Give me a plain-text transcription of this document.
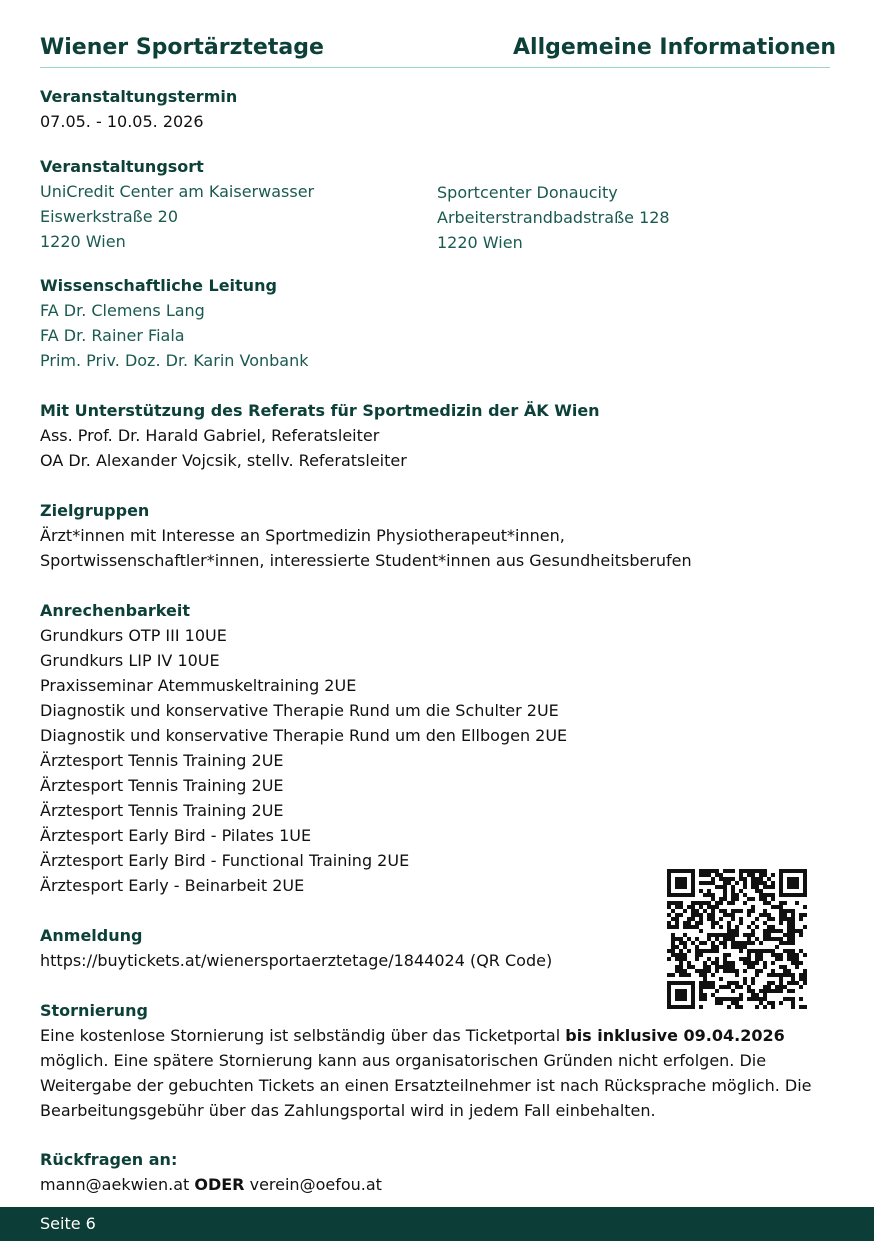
Wiener Sportärztetage	Allgemeine Informationen
Veranstaltungstermin
07.05. - 10.05. 2026
Veranstaltungsort
UniCredit Center am Kaiserwasser
Eiswerkstraße 20
1220 Wien
Sportcenter Donaucity
Arbeiterstrandbadstraße 128
1220 Wien
Wissenschaftliche Leitung
FA Dr. Clemens Lang
FA Dr. Rainer Fiala
Prim. Priv. Doz. Dr. Karin Vonbank
Mit Unterstützung des Referats für Sportmedizin der ÄK Wien
Ass. Prof. Dr. Harald Gabriel, Referatsleiter
OA Dr. Alexander Vojcsik, stellv. Referatsleiter
Zielgruppen
Ärzt*innen mit Interesse an Sportmedizin Physiotherapeut*innen,
Sportwissenschaftler*innen, interessierte Student*innen aus Gesundheitsberufen
Anrechenbarkeit
Grundkurs OTP III 10UE
Grundkurs LIP IV 10UE
Praxisseminar Atemmuskeltraining 2UE
Diagnostik und konservative Therapie Rund um die Schulter 2UE
Diagnostik und konservative Therapie Rund um den Ellbogen 2UE
Ärztesport Tennis Training 2UE
Ärztesport Tennis Training 2UE
Ärztesport Tennis Training 2UE
Ärztesport Early Bird - Pilates 1UE
Ärztesport Early Bird - Functional Training 2UE
Ärztesport Early - Beinarbeit 2UE
Anmeldung
https://buytickets.at/wienersportaerztetage/1844024 (QR Code)
Stornierung
Eine kostenlose Stornierung ist selbständig über das Ticketportal bis inklusive 09.04.2026 möglich. Eine spätere Stornierung kann aus organisatorischen Gründen nicht erfolgen. Die Weitergabe der gebuchten Tickets an einen Ersatzteilnehmer ist nach Rücksprache möglich. Die Bearbeitungsgebühr über das Zahlungsportal wird in jedem Fall einbehalten.
Rückfragen an:
mann@aekwien.at ODER verein@oefou.at
Seite 6
